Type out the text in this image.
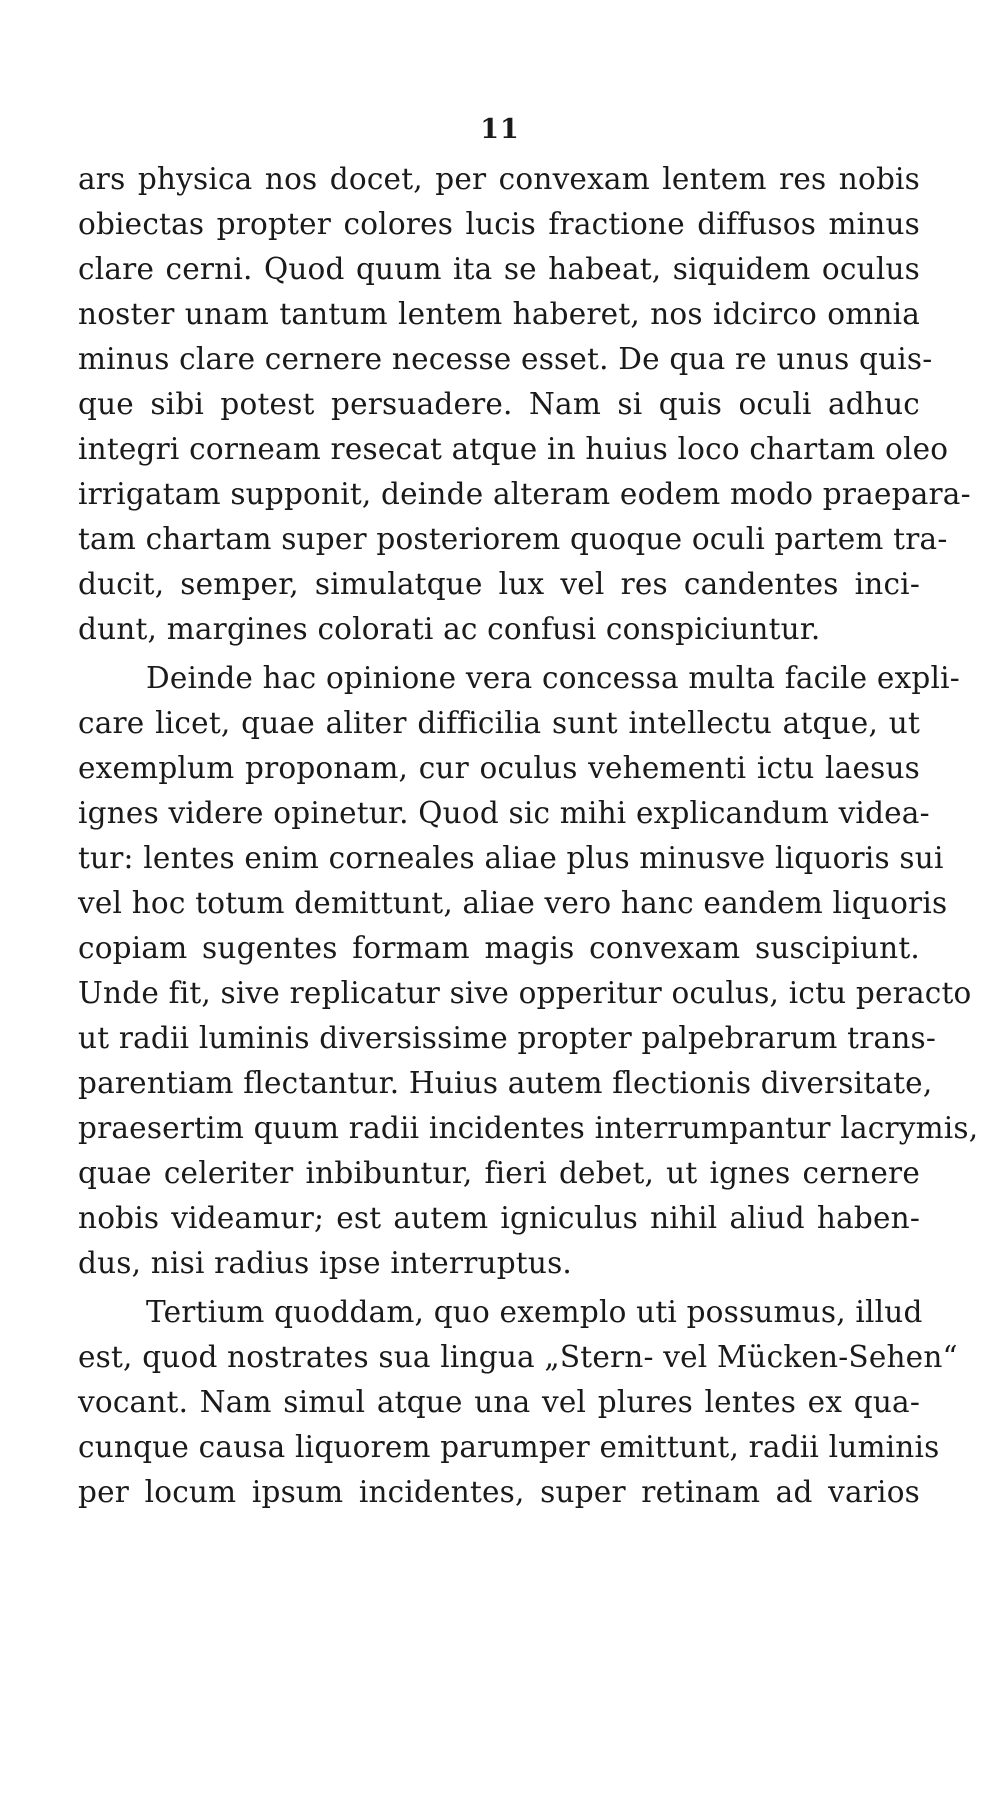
11
ars physica nos docet, per convexam lentem res nobis
obiectas propter colores lucis fractione diffusos minus
clare cerni. Quod quum ita se habeat, siquidem oculus
noster unam tantum lentem haberet, nos idcirco omnia
minus clare cernere necesse esset. De qua re unus quis-
que sibi potest persuadere. Nam si quis oculi adhuc
integri corneam resecat atque in huius loco chartam oleo
irrigatam supponit, deinde alteram eodem modo praepara-
tam chartam super posteriorem quoque oculi partem tra-
ducit, semper, simulatque lux vel res candentes inci-
dunt, margines colorati ac confusi conspiciuntur.
Deinde hac opinione vera concessa multa facile expli-
care licet, quae aliter difficilia sunt intellectu atque, ut
exemplum proponam, cur oculus vehementi ictu laesus
ignes videre opinetur. Quod sic mihi explicandum videa-
tur: lentes enim corneales aliae plus minusve liquoris sui
vel hoc totum demittunt, aliae vero hanc eandem liquoris
copiam sugentes formam magis convexam suscipiunt.
Unde fit, sive replicatur sive opperitur oculus, ictu peracto
ut radii luminis diversissime propter palpebrarum trans-
parentiam flectantur. Huius autem flectionis diversitate,
praesertim quum radii incidentes interrumpantur lacrymis,
quae celeriter inbibuntur, fieri debet, ut ignes cernere
nobis videamur; est autem igniculus nihil aliud haben-
dus, nisi radius ipse interruptus.
Tertium quoddam, quo exemplo uti possumus, illud
est, quod nostrates sua lingua „Stern- vel Mücken-Sehen“
vocant. Nam simul atque una vel plures lentes ex qua-
cunque causa liquorem parumper emittunt, radii luminis
per locum ipsum incidentes, super retinam ad varios
